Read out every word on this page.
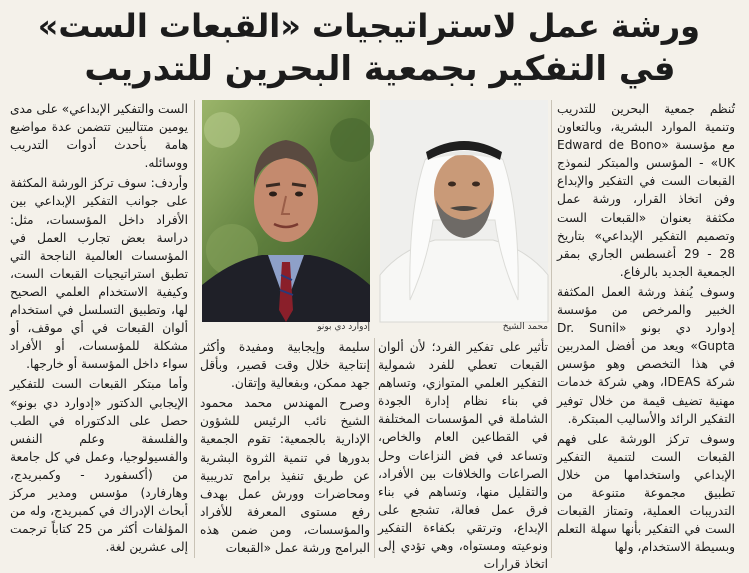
ورشة عمل لاستراتيجيات «القبعات الست»
في التفكير بجمعية البحرين للتدريب

تُنظم جمعية البحرين للتدريب وتنمية الموارد البشرية، وبالتعاون مع مؤسسة «Edward de Bono UK» - المؤسس والمبتكر لنموذج القبعات الست في التفكير والإبداع وفن اتخاذ القرار، ورشة عمل مكثفة بعنوان «القبعات الست وتصميم التفكير الإبداعي» بتاريخ 28 - 29 أغسطس الجاري بمقر الجمعية الجديد بالرفاع.

وسوف يُنفذ ورشة العمل المكثفة الخبير والمرخص من مؤسسة إدوارد دي بونو «Dr. Sunil Gupta» ويعد من أفضل المدربين في هذا التخصص وهو مؤسس شركة IDEAS، وهي شركة خدمات مهنية تضيف قيمة من خلال توفير التفكير الرائد والأساليب المبتكرة.

وسوف تركز الورشة على فهم القبعات الست لتنمية التفكير الإبداعي واستخدامها من خلال تطبيق مجموعة متنوعة من التدريبات العملية، وتمتاز القبعات الست في التفكير بأنها سهلة التعلم وبسيطة الاستخدام، ولها

محمد الشيخ
إدوارد دي بونو

تأثير على تفكير الفرد؛ لأن ألوان القبعات تعطي للفرد شمولية التفكير العلمي المتوازي، وتساهم في بناء نظام إدارة الجودة الشاملة في المؤسسات المختلفة في القطاعين العام والخاص، وتساعد في فض النزاعات وحل الصراعات والخلافات بين الأفراد، والتقليل منها، وتساهم في بناء فرق عمل فعالة، تشجع على الإبداع، وترتقي بكفاءة التفكير ونوعيته ومستواه، وهي تؤدي إلى اتخاذ قرارات

سليمة وإيجابية ومفيدة وأكثر إنتاجية خلال وقت قصير، وبأقل جهد ممكن، وبفعالية وإتقان.

وصرح المهندس محمد محمود الشيخ نائب الرئيس للشؤون الإدارية بالجمعية: تقوم الجمعية بدورها في تنمية الثروة البشرية عن طريق تنفيذ برامج تدريبية ومحاضرات وورش عمل بهدف رفع مستوى المعرفة للأفراد والمؤسسات، ومن ضمن هذه البرامج ورشة عمل «القبعات

الست والتفكير الإبداعي» على مدى يومين متتاليين تتضمن عدة مواضيع هامة بأحدث أدوات التدريب ووسائله.

وأردف: سوف تركز الورشة المكثفة على جوانب التفكير الإبداعي بين الأفراد داخل المؤسسات، مثل: دراسة بعض تجارب العمل في المؤسسات العالمية الناجحة التي تطبق استراتيجيات القبعات الست، وكيفية الاستخدام العلمي الصحيح لها، وتطبيق التسلسل في استخدام ألوان القبعات في أي موقف، أو مشكلة للمؤسسات، أو الأفراد سواء داخل المؤسسة أو خارجها.

وأما مبتكر القبعات الست للتفكير الإيجابي الدكتور «إدوارد دي بونو» حصل على الدكتوراه في الطب والفلسفة وعلم النفس والفسيولوجيا، وعمل في كل جامعة من (أكسفورد - وكمبريدج، وهارفارد) مؤسس ومدير مركز أبحاث الإدراك في كمبريدج، وله من المؤلفات أكثر من 25 كتاباً ترجمت إلى عشرين لغة.
